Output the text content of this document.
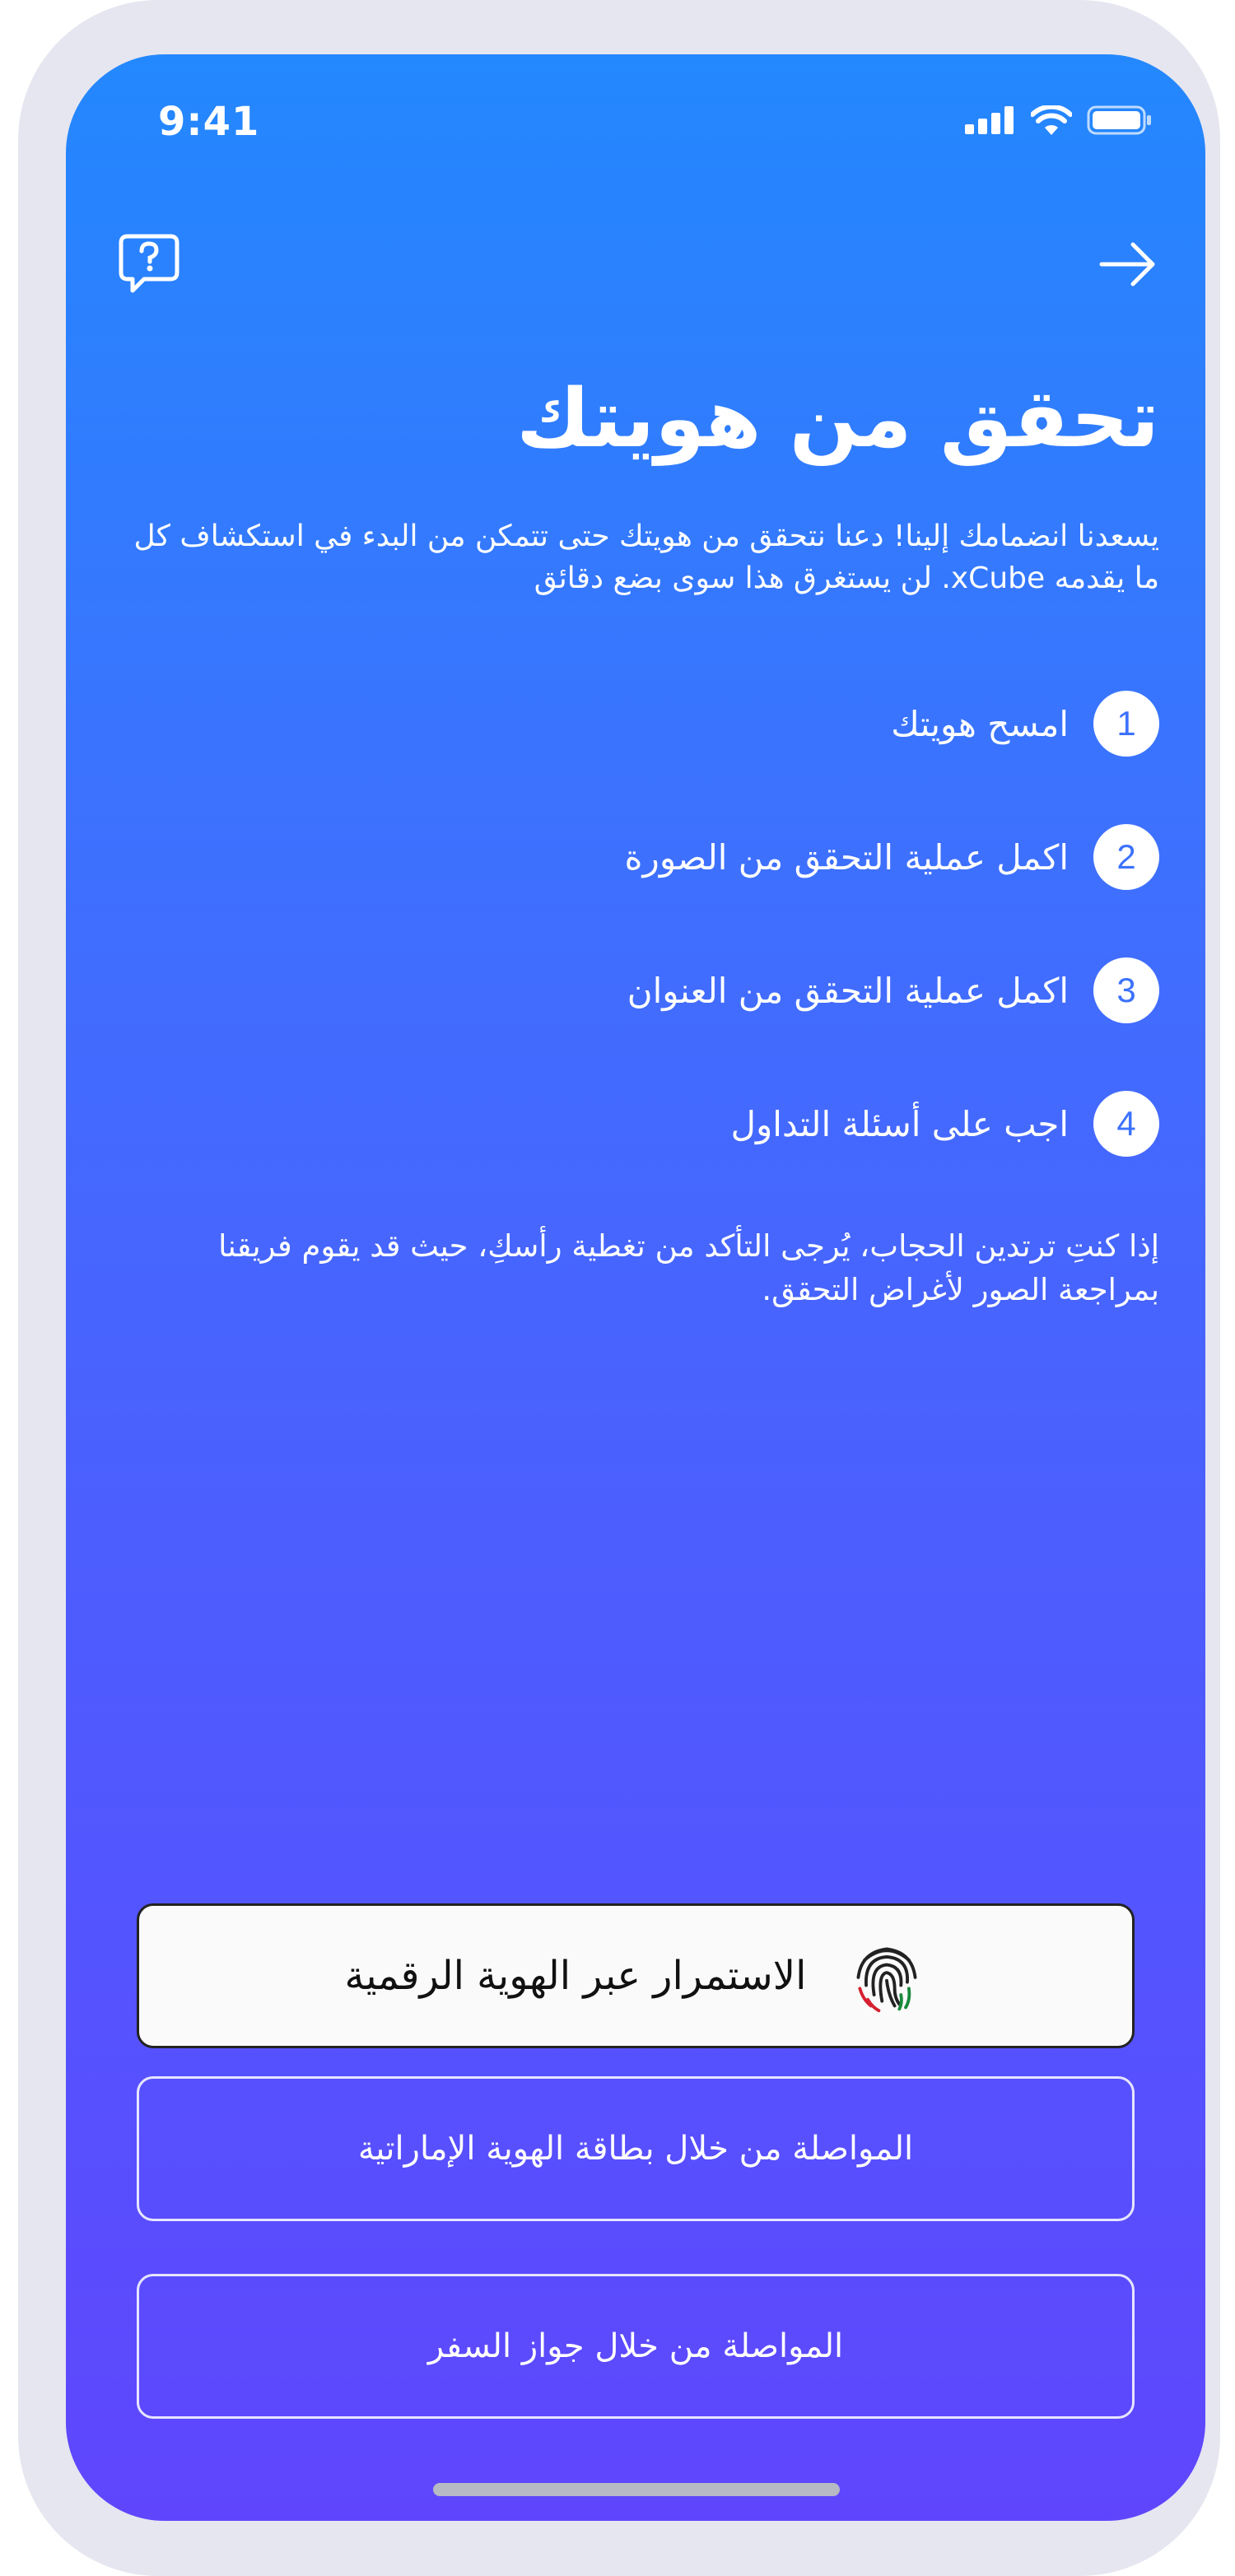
9:41
تحقق من هويتك

يسعدنا انضمامك إلينا! دعنا نتحقق من هويتك حتى تتمكن من البدء في استكشاف كل ما يقدمه xCube. لن يستغرق هذا سوى بضع دقائق

1
امسح هويتك
2
اكمل عملية التحقق من الصورة
3
اكمل عملية التحقق من العنوان
4
اجب على أسئلة التداول

إذا كنتِ ترتدين الحجاب، يُرجى التأكد من تغطية رأسكِ، حيث قد يقوم فريقنا بمراجعة الصور لأغراض التحقق.

الاستمرار عبر الهوية الرقمية
المواصلة من خلال بطاقة الهوية الإماراتية
المواصلة من خلال جواز السفر
